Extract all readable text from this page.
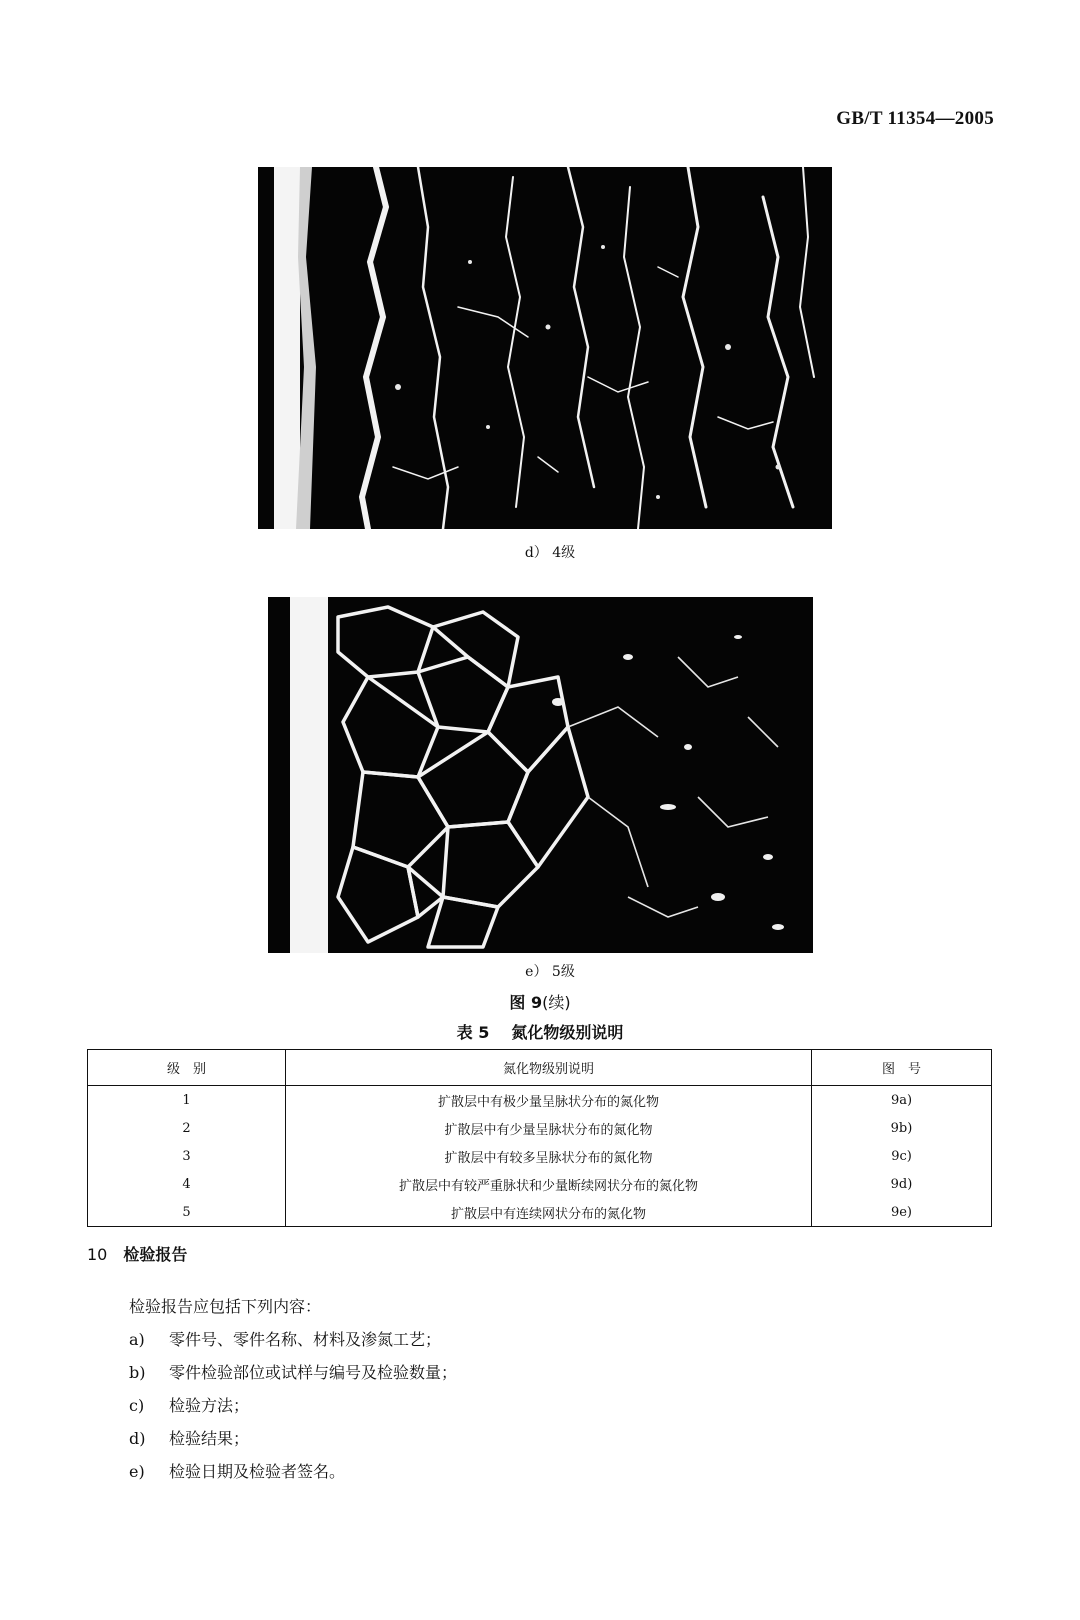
GB/T 11354—2005
d） 4级
e） 5级
图 9(续)
表 5 氮化物级别说明
级　别	氮化物级别说明	图　号
1	扩散层中有极少量呈脉状分布的氮化物	9a)
2	扩散层中有少量呈脉状分布的氮化物	9b)
3	扩散层中有较多呈脉状分布的氮化物	9c)
4	扩散层中有较严重脉状和少量断续网状分布的氮化物	9d)
5	扩散层中有连续网状分布的氮化物	9e)
10 检验报告
检验报告应包括下列内容：
a) 零件号、零件名称、材料及渗氮工艺；
b) 零件检验部位或试样与编号及检验数量；
c) 检验方法；
d) 检验结果；
e) 检验日期及检验者签名。
